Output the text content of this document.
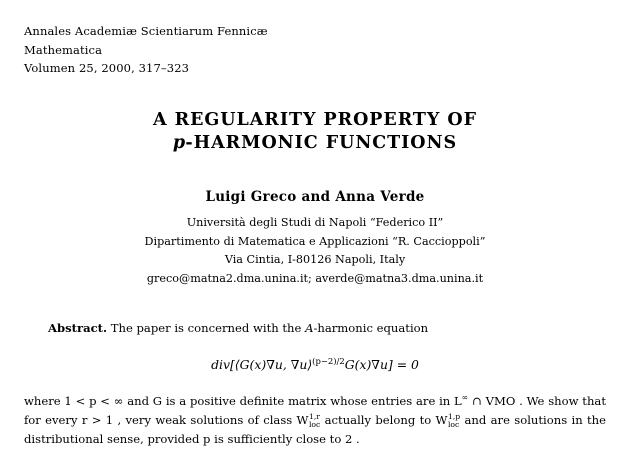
Annales Academiæ Scientiarum Fennicæ
Mathematica
Volumen 25, 2000, 317–323
A REGULARITY PROPERTY OF
p-HARMONIC FUNCTIONS
Luigi Greco and Anna Verde
Università degli Studi di Napoli “Federico II”
Dipartimento di Matematica e Applicazioni “R. Caccioppoli”
Via Cintia, I-80126 Napoli, Italy
greco@matna2.dma.unina.it; averde@matna3.dma.unina.it
Abstract. The paper is concerned with the A-harmonic equation
div[⟨G(x)∇u, ∇u⟩$^{(p-2)/2}$G(x)∇u] = 0
where 1 < p < ∞ and G is a positive definite matrix whose entries are in L∞ ∩ VMO . We show that for every r > 1 , very weak solutions of class W 1,r
loc actually belong to W 1,p
loc and are solutions in the distributional sense, provided p is sufficiently close to 2 .
